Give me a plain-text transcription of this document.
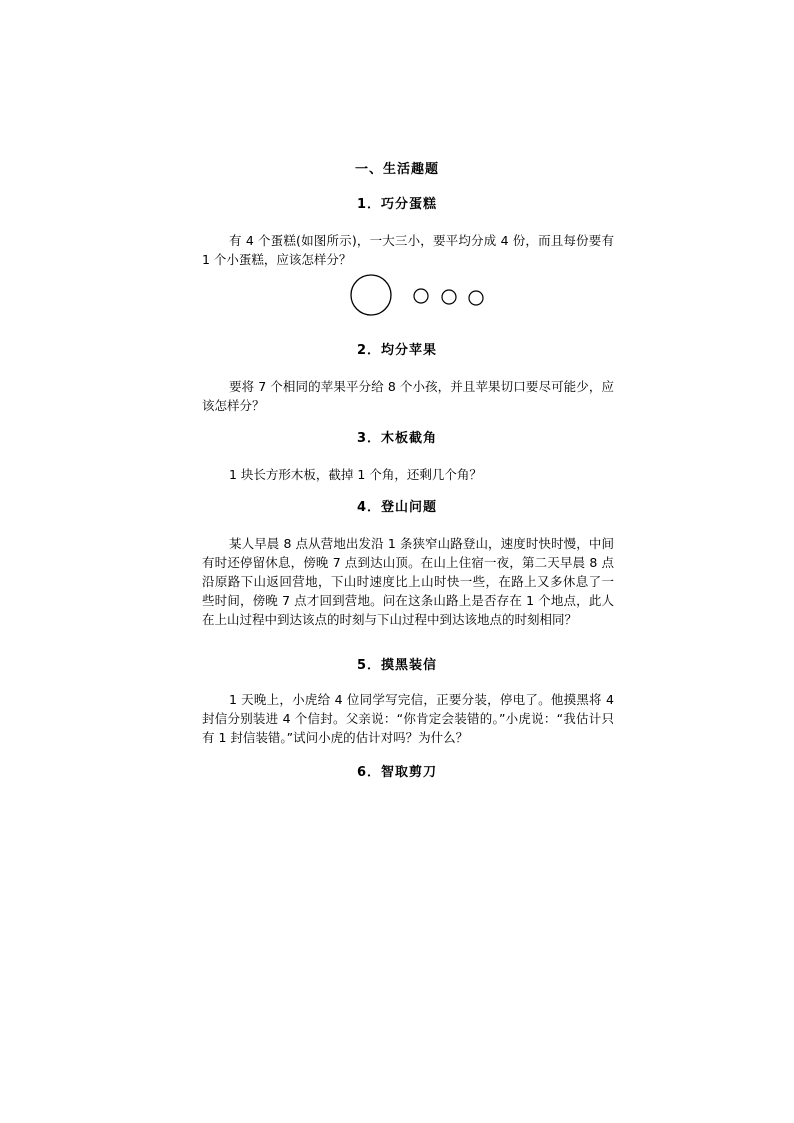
一、生活趣题
1．巧分蛋糕

有 4 个蛋糕(如图所示)，一大三小，要平均分成 4 份，而且每份要有 1 个小蛋糕，应该怎样分？

2．均分苹果

要将 7 个相同的苹果平分给 8 个小孩，并且苹果切口要尽可能少，应该怎样分？

3．木板截角

1 块长方形木板，截掉 1 个角，还剩几个角？

4．登山问题

某人早晨 8 点从营地出发沿 1 条狭窄山路登山，速度时快时慢，中间有时还停留休息，傍晚 7 点到达山顶。在山上住宿一夜，第二天早晨 8 点沿原路下山返回营地，下山时速度比上山时快一些，在路上又多休息了一些时间，傍晚 7 点才回到营地。问在这条山路上是否存在 1 个地点，此人在上山过程中到达该点的时刻与下山过程中到达该地点的时刻相同？

5．摸黑装信

1 天晚上，小虎给 4 位同学写完信，正要分装，停电了。他摸黑将 4 封信分别装进 4 个信封。父亲说：“你肯定会装错的。”小虎说：“我估计只有 1 封信装错。”试问小虎的估计对吗？为什么？

6．智取剪刀
